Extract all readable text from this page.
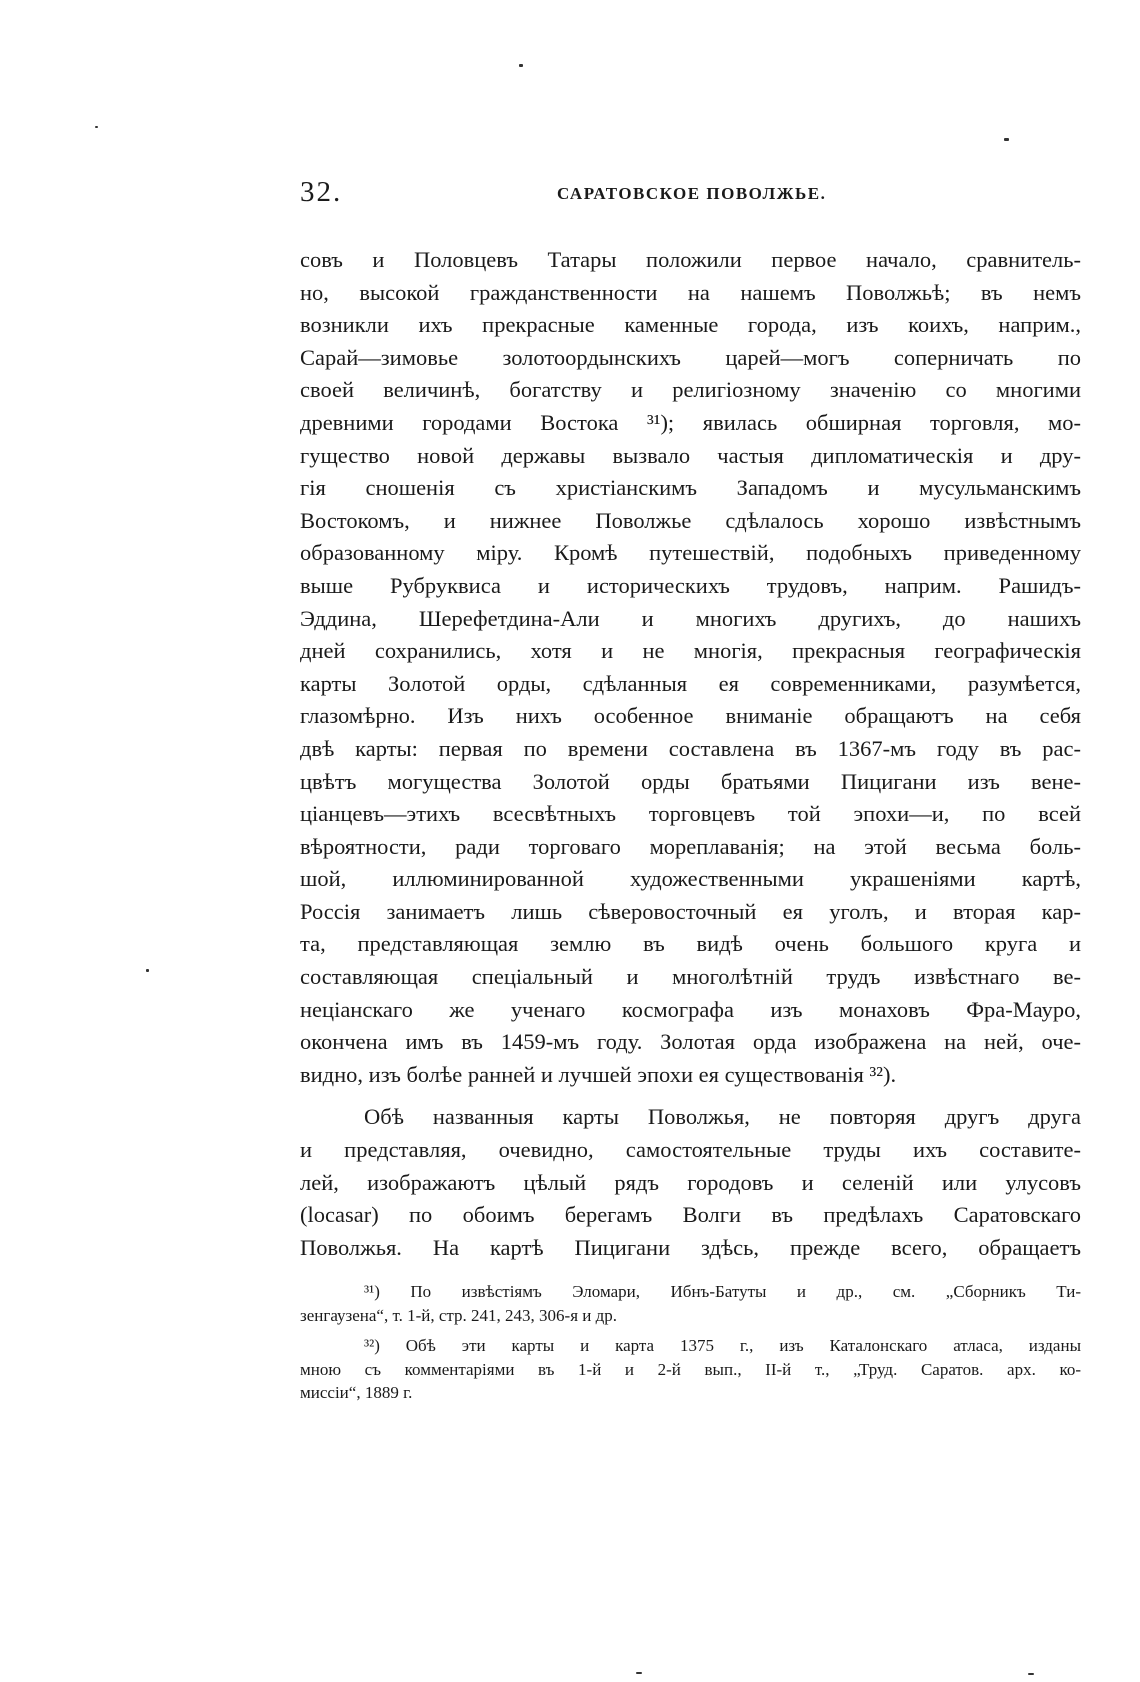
32.	САРАТОВСКОЕ ПОВОЛЖЬЕ.
совъ и Половцевъ Татары положили первое начало, сравнитель-
но, высокой гражданственности на нашемъ Поволжьѣ; въ немъ
возникли ихъ прекрасные каменные города, изъ коихъ, наприм.,
Сарай—зимовье золотоордынскихъ царей—могъ соперничать по
своей величинѣ, богатству и религіозному значенію со многими
древними городами Востока ³¹); явилась обширная торговля, мо-
гущество новой державы вызвало частыя дипломатическія и дру-
гія сношенія съ христіанскимъ Западомъ и мусульманскимъ
Востокомъ, и нижнее Поволжье сдѣлалось хорошо извѣстнымъ
образованному міру. Кромѣ путешествій, подобныхъ приведенному
выше Рубруквиса и историческихъ трудовъ, наприм. Рашидъ-
Эддина, Шерефетдина-Али и многихъ другихъ, до нашихъ
дней сохранились, хотя и не многія, прекрасныя географическія
карты Золотой орды, сдѣланныя ея современниками, разумѣется,
глазомѣрно. Изъ нихъ особенное вниманіе обращаютъ на себя
двѣ карты: первая по времени составлена въ 1367-мъ году въ рас-
цвѣтъ могущества Золотой орды братьями Пицигани изъ вене-
ціанцевъ—этихъ всесвѣтныхъ торговцевъ той эпохи—и, по всей
вѣроятности, ради торговаго мореплаванія; на этой весьма боль-
шой, иллюминированной художественными украшеніями картѣ,
Россія занимаетъ лишь сѣверовосточный ея уголъ, и вторая кар-
та, представляющая землю въ видѣ очень большого круга и
составляющая спеціальный и многолѣтній трудъ извѣстнаго ве-
неціанскаго же ученаго космографа изъ монаховъ Фра-Мауро,
окончена имъ въ 1459-мъ году. Золотая орда изображена на ней, оче-
видно, изъ болѣе ранней и лучшей эпохи ея существованія ³²).
Обѣ названныя карты Поволжья, не повторяя другъ друга
и представляя, очевидно, самостоятельные труды ихъ составите-
лей, изображаютъ цѣлый рядъ городовъ и селеній или улусовъ
(locasar) по обоимъ берегамъ Волги въ предѣлахъ Саратовскаго
Поволжья. На картѣ Пицигани здѣсь, прежде всего, обращаетъ
³¹) По извѣстіямъ Эломари, Ибнъ-Батуты и др., см. „Сборникъ Ти-
зенгаузена“, т. 1-й, стр. 241, 243, 306-я и др.
³²) Обѣ эти карты и карта 1375 г., изъ Каталонскаго атласа, изданы
мною съ комментаріями въ 1-й и 2-й вып., II-й т., „Труд. Саратов. арх. ко-
миссіи“, 1889 г.
